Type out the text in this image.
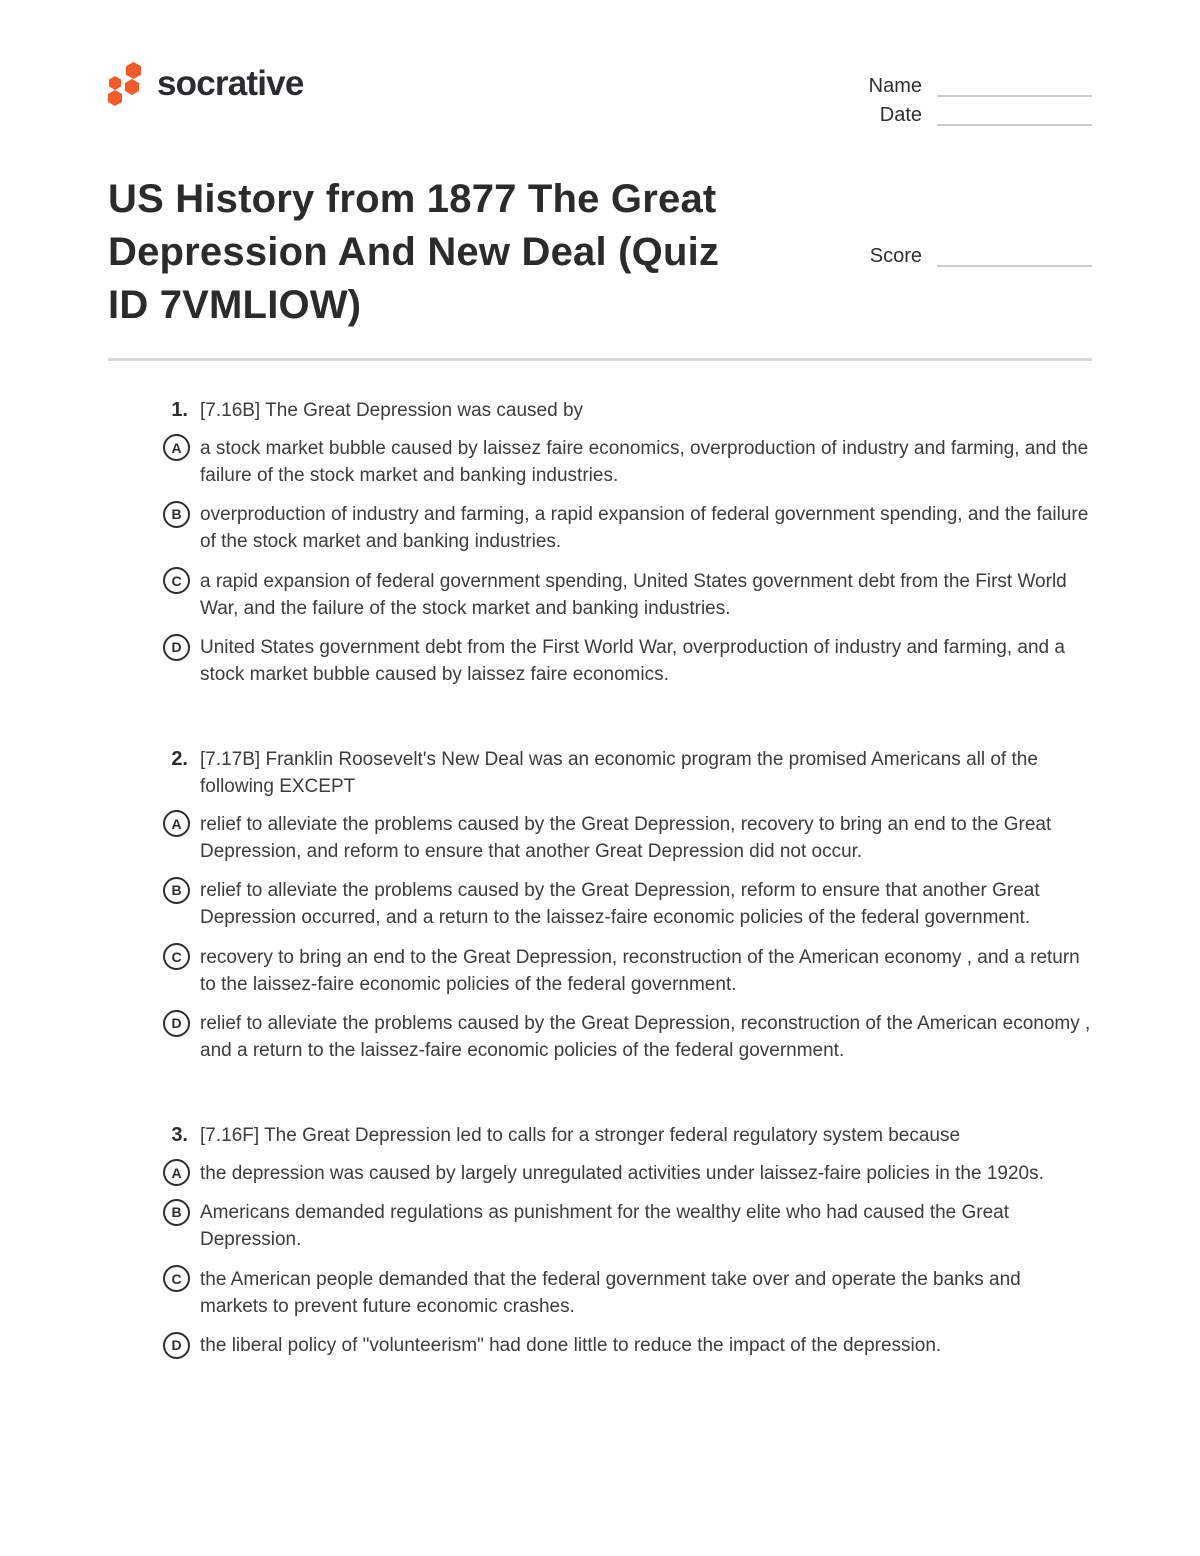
socrative	Name
Date
US History from 1877 The Great
Depression And New Deal (Quiz
ID 7VMLIOW)
Score
1. [7.16B] The Great Depression was caused by
A a stock market bubble caused by laissez faire economics, overproduction of industry and farming, and the failure of the stock market and banking industries.
B overproduction of industry and farming, a rapid expansion of federal government spending, and the failure of the stock market and banking industries.
C a rapid expansion of federal government spending, United States government debt from the First World War, and the failure of the stock market and banking industries.
D United States government debt from the First World War, overproduction of industry and farming, and a stock market bubble caused by laissez faire economics.
2. [7.17B] Franklin Roosevelt's New Deal was an economic program the promised Americans all of the following EXCEPT
A relief to alleviate the problems caused by the Great Depression, recovery to bring an end to the Great Depression, and reform to ensure that another Great Depression did not occur.
B relief to alleviate the problems caused by the Great Depression, reform to ensure that another Great Depression occurred, and a return to the laissez-faire economic policies of the federal government.
C recovery to bring an end to the Great Depression, reconstruction of the American economy , and a return to the laissez-faire economic policies of the federal government.
D relief to alleviate the problems caused by the Great Depression, reconstruction of the American economy , and a return to the laissez-faire economic policies of the federal government.
3. [7.16F] The Great Depression led to calls for a stronger federal regulatory system because
A the depression was caused by largely unregulated activities under laissez-faire policies in the 1920s.
B Americans demanded regulations as punishment for the wealthy elite who had caused the Great Depression.
C the American people demanded that the federal government take over and operate the banks and markets to prevent future economic crashes.
D the liberal policy of "volunteerism" had done little to reduce the impact of the depression.
